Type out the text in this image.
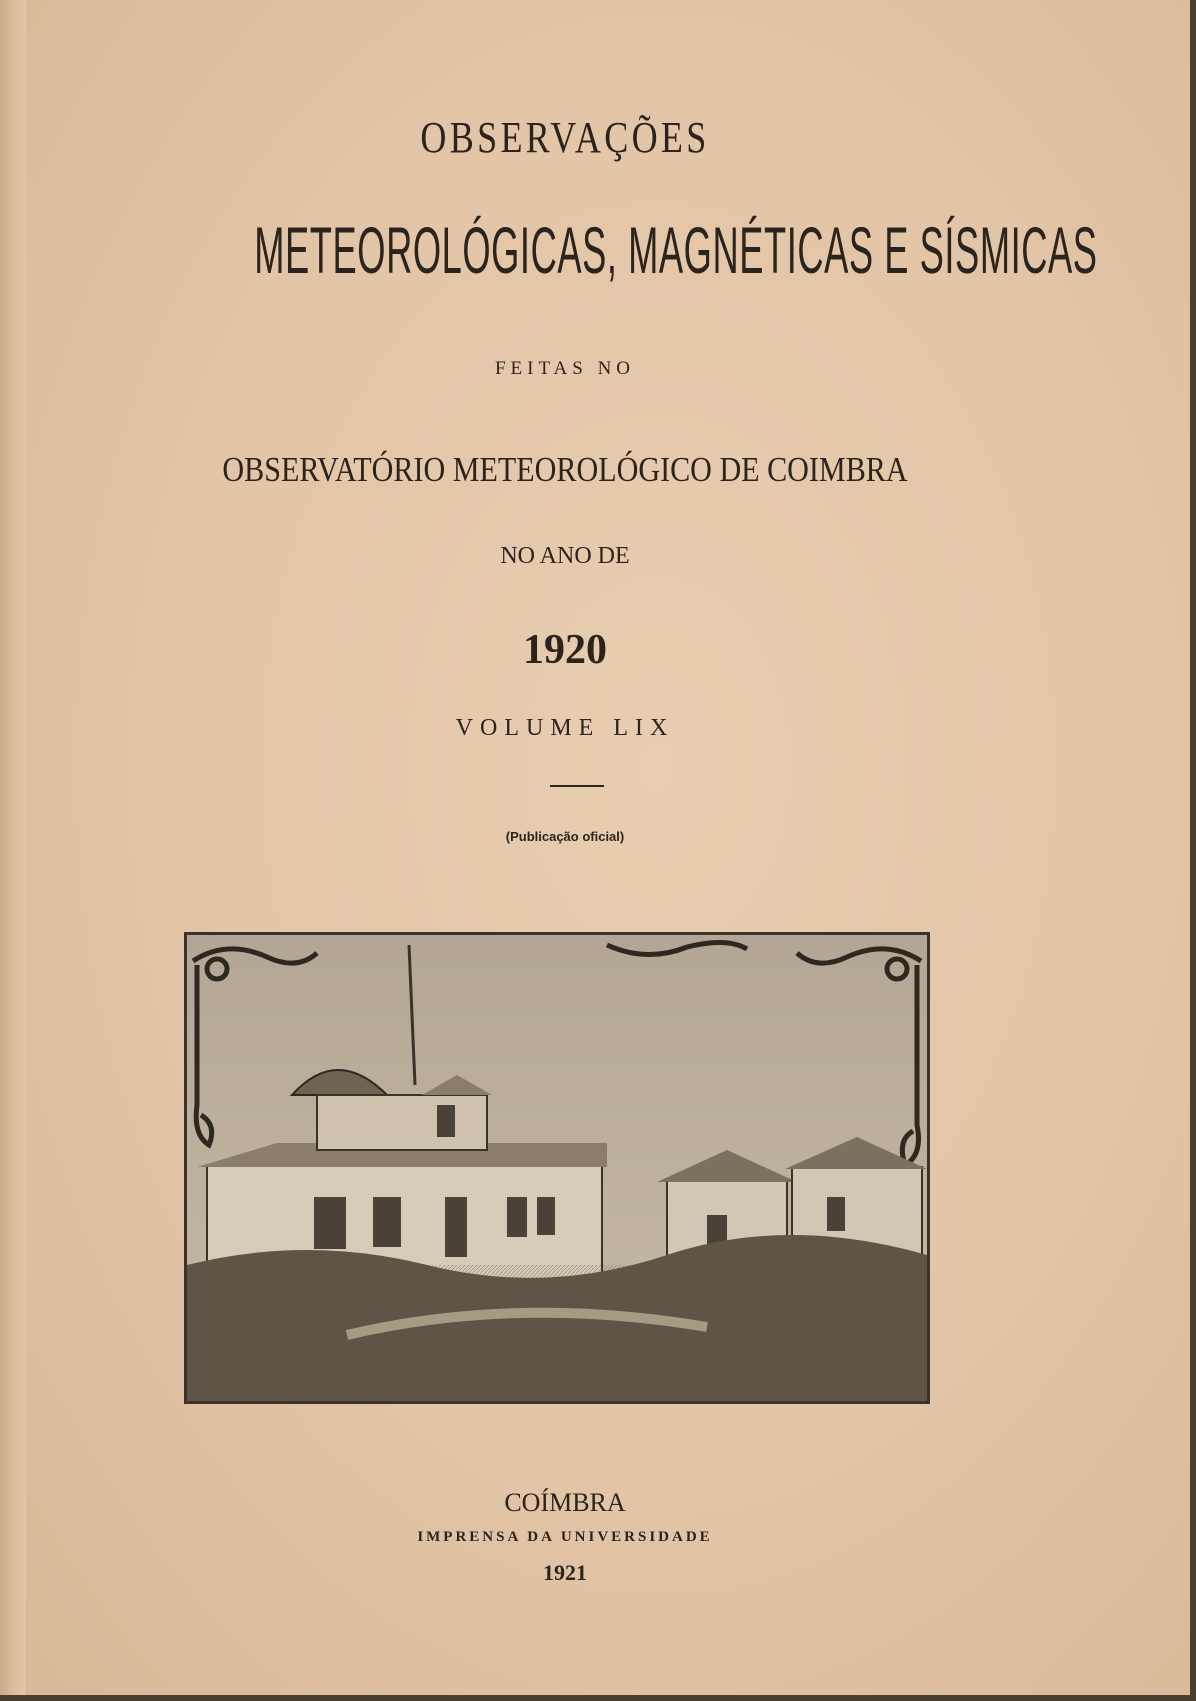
OBSERVAÇÕES
METEOROLÓGICAS, MAGNÉTICAS E SÍSMICAS
FEITAS NO
OBSERVATÓRIO METEOROLÓGICO DE COIMBRA
NO ANO DE
1920
VOLUME LIX
(Publicação oficial)
COÍMBRA
IMPRENSA DA UNIVERSIDADE
1921
